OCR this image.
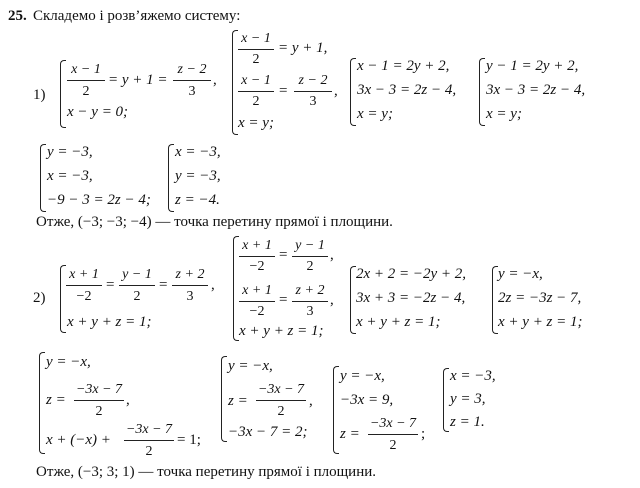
25. Складемо і розв’яжемо систему:
1)
x − 1
2
= y + 1 =
z − 2
3
,
x − y = 0;
x − 1
2
= y + 1,
x − 1
2
=
z − 2
3
,
x = y;
x − 1 = 2y + 2,
3x − 3 = 2z − 4,
x = y;
y − 1 = 2y + 2,
3x − 3 = 2z − 4,
x = y;
y = −3,
x = −3,
−9 − 3 = 2z − 4;
x = −3,
y = −3,
z = −4.
Отже, (−3; −3; −4) — точка перетину прямої і площини.
2)
x + 1
−2
=
y − 1
2
=
z + 2
3
,
x + y + z = 1;
x + 1
−2
=
y − 1
2
,
x + 1
−2
=
z + 2
3
,
x + y + z = 1;
2x + 2 = −2y + 2,
3x + 3 = −2z − 4,
x + y + z = 1;
y = −x,
2z = −3z − 7,
x + y + z = 1;
y = −x,
z =
−3x − 7
2
,
x + (−x) +
−3x − 7
2
= 1;
y = −x,
z =
−3x − 7
2
,
−3x − 7 = 2;
y = −x,
−3x = 9,
z =
−3x − 7
2
;
x = −3,
y = 3,
z = 1.
Отже, (−3; 3; 1) — точка перетину прямої і площини.
